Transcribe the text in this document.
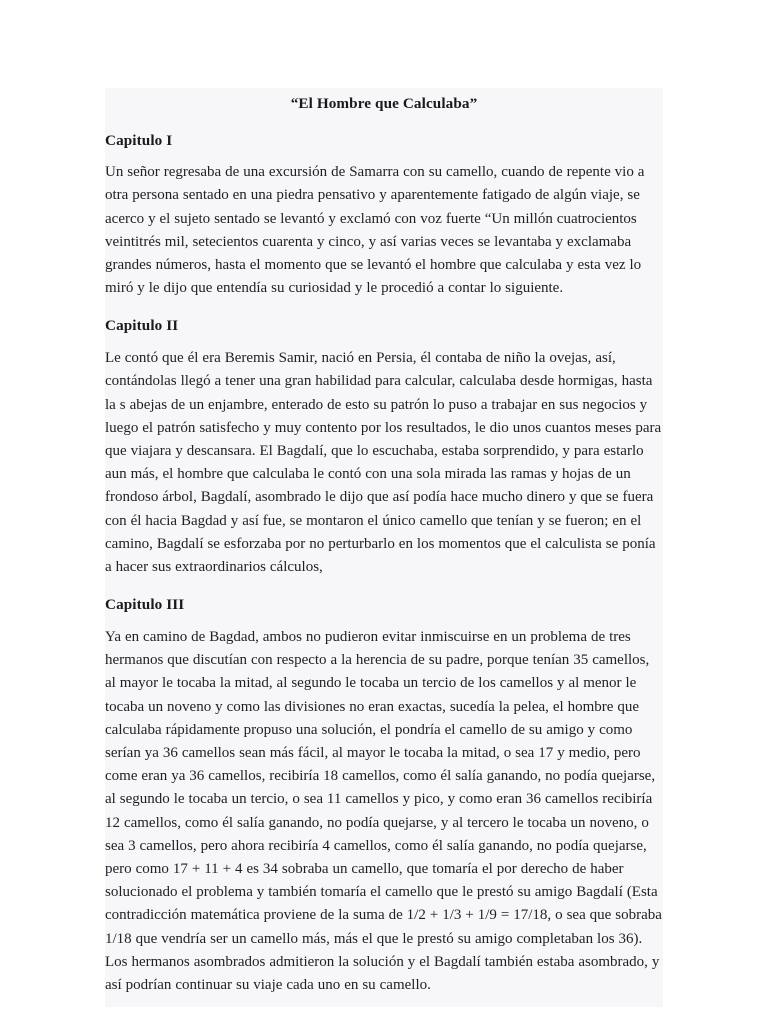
“El Hombre que Calculaba”
Capitulo I

Un señor regresaba de una excursión de Samarra con su camello, cuando de repente vio a otra persona sentado en una piedra pensativo y aparentemente fatigado de algún viaje, se acerco y el sujeto sentado se levantó y exclamó con voz fuerte “Un millón cuatrocientos veintitrés mil, setecientos cuarenta y cinco, y así varias veces se levantaba y exclamaba grandes números, hasta el momento que se levantó el hombre que calculaba y esta vez lo miró y le dijo que entendía su curiosidad y le procedió a contar lo siguiente.

Capitulo II

Le contó que él era Beremis Samir, nació en Persia, él contaba de niño la ovejas, así, contándolas llegó a tener una gran habilidad para calcular, calculaba desde hormigas, hasta la s abejas de un enjambre, enterado de esto su patrón lo puso a trabajar en sus negocios y luego el patrón satisfecho y muy contento por los resultados, le dio unos cuantos meses para que viajara y descansara. El Bagdalí, que lo escuchaba, estaba sorprendido, y para estarlo aun más, el hombre que calculaba le contó con una sola mirada las ramas y hojas de un frondoso árbol, Bagdalí, asombrado le dijo que así podía hace mucho dinero y que se fuera con él hacia Bagdad y así fue, se montaron el único camello que tenían y se fueron; en el camino, Bagdalí se esforzaba por no perturbarlo en los momentos que el calculista se ponía a hacer sus extraordinarios cálculos,

Capitulo III

Ya en camino de Bagdad, ambos no pudieron evitar inmiscuirse en un problema de tres hermanos que discutían con respecto a la herencia de su padre, porque tenían 35 camellos, al mayor le tocaba la mitad, al segundo le tocaba un tercio de los camellos y al menor le tocaba un noveno y como las divisiones no eran exactas, sucedía la pelea, el hombre que calculaba rápidamente propuso una solución, el pondría el camello de su amigo y como serían ya 36 camellos sean más fácil, al mayor le tocaba la mitad, o sea 17 y medio, pero come eran ya 36 camellos, recibiría 18 camellos, como él salía ganando, no podía quejarse, al segundo le tocaba un tercio, o sea 11 camellos y pico, y como eran 36 camellos recibiría 12 camellos, como él salía ganando, no podía quejarse, y al tercero le tocaba un noveno, o sea 3 camellos, pero ahora recibiría 4 camellos, como él salía ganando, no podía quejarse, pero como 17 + 11 + 4 es 34 sobraba un camello, que tomaría el por derecho de haber solucionado el problema y también tomaría el camello que le prestó su amigo Bagdalí (Esta contradicción matemática proviene de la suma de 1/2 + 1/3 + 1/9 = 17/18, o sea que sobraba 1/18 que vendría ser un camello más, más el que le prestó su amigo completaban los 36). Los hermanos asombrados admitieron la solución y el Bagdalí también estaba asombrado, y así podrían continuar su viaje cada uno en su camello.
